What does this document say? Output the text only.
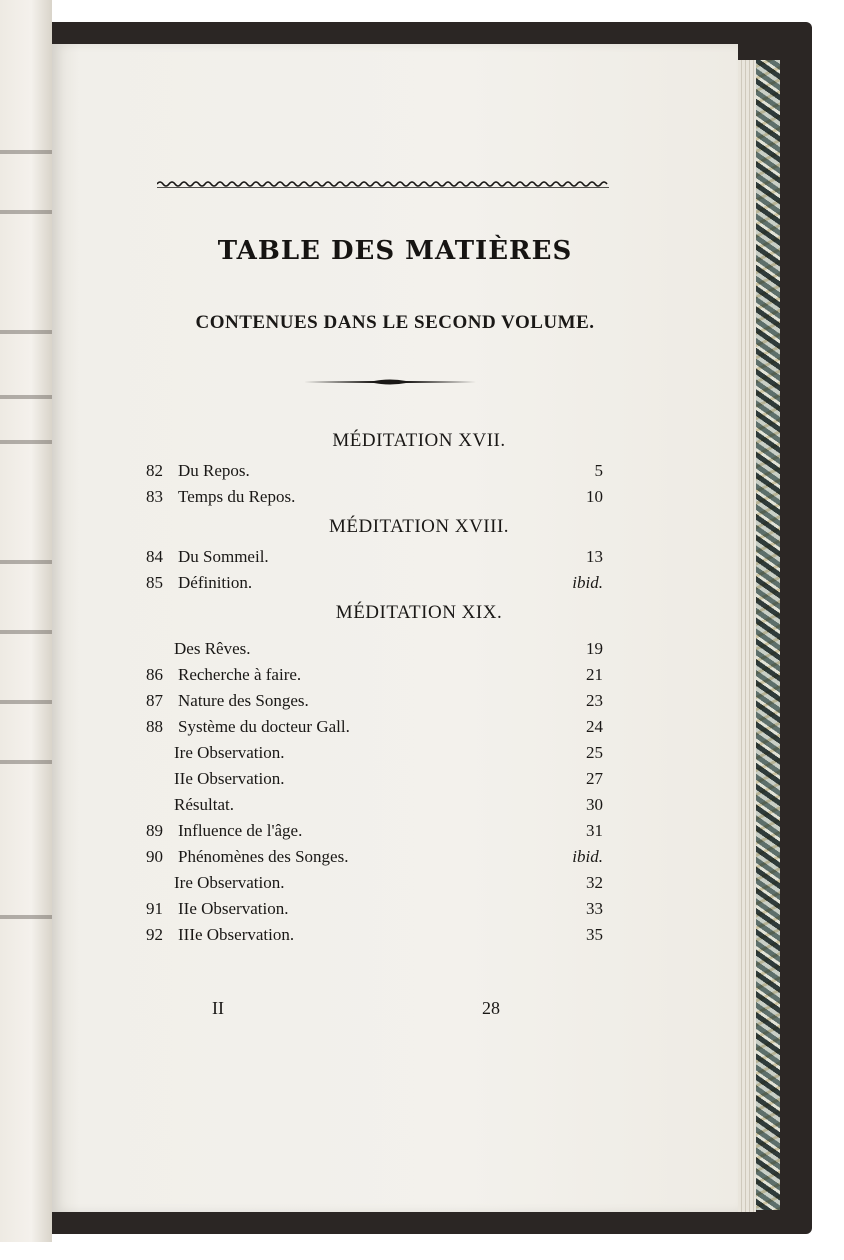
TABLE DES MATIÈRES
CONTENUES DANS LE SECOND VOLUME.
MÉDITATION XVII.
82 Du Repos.	5
83 Temps du Repos.	10
MÉDITATION XVIII.
84 Du Sommeil.	13
85 Définition.	ibid.
MÉDITATION XIX.
Des Rêves.	19
86 Recherche à faire.	21
87 Nature des Songes.	23
88 Système du docteur Gall.	24
Ire Observation.	25
IIe Observation.	27
Résultat.	30
89 Influence de l'âge.	31
90 Phénomènes des Songes.	ibid.
Ire Observation.	32
91 IIe Observation.	33
92 IIIe Observation.	35
II	28
